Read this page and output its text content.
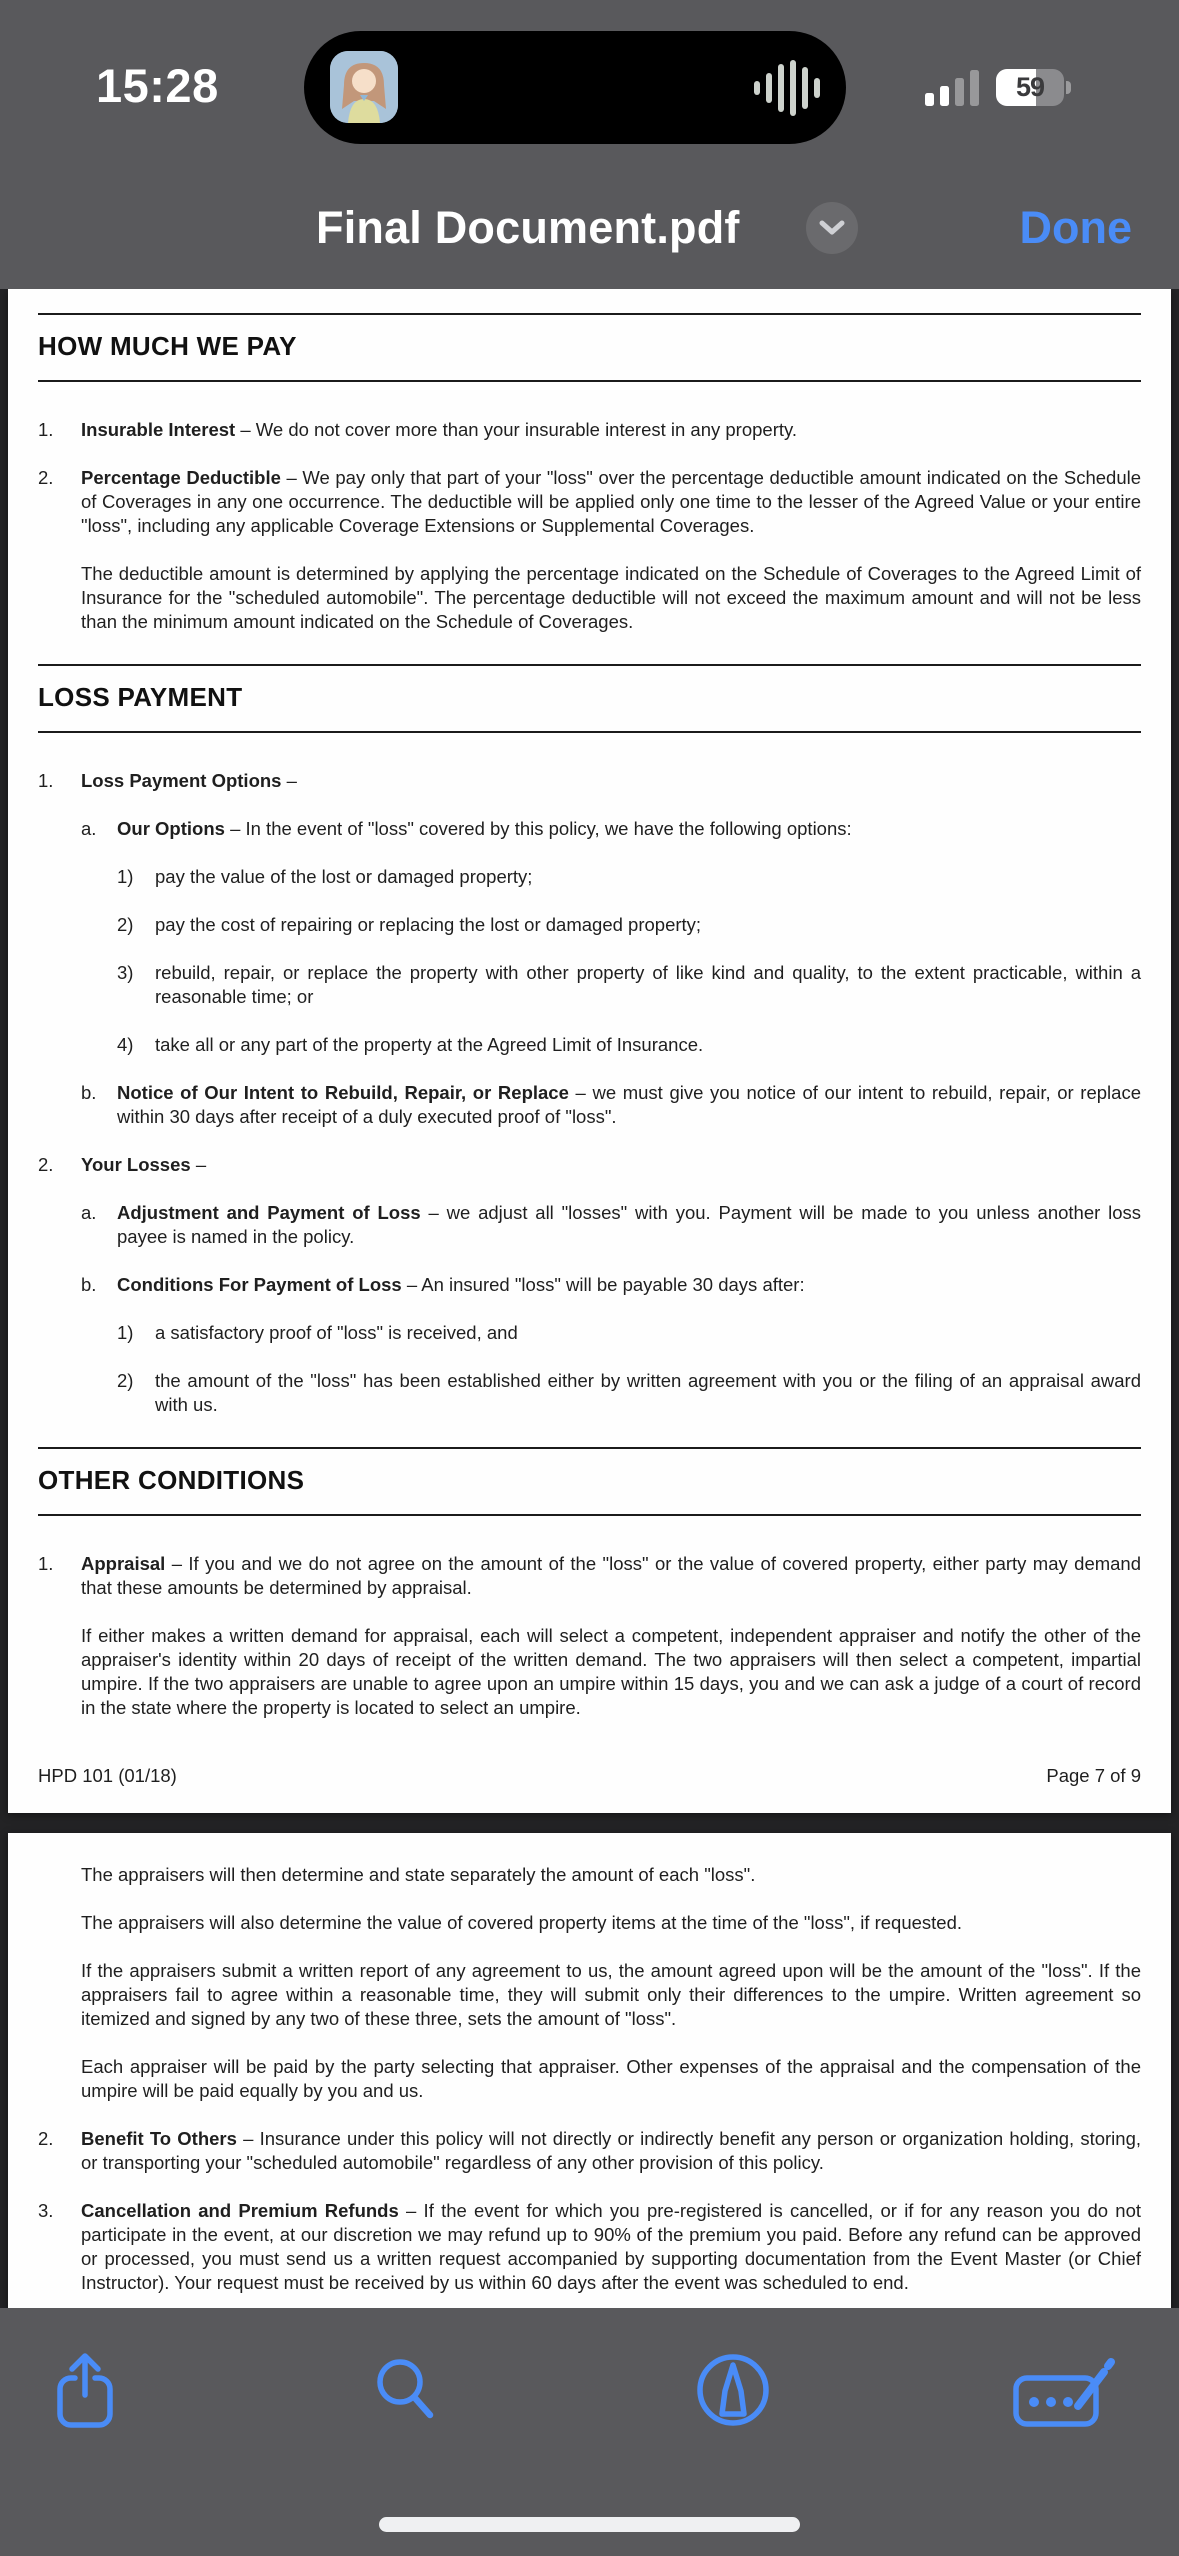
HOW MUCH WE PAY
1.	Insurable Interest – We do not cover more than your insurable interest in any property.
2.	Percentage Deductible – We pay only that part of your "loss" over the percentage deductible amount indicated on the Schedule of Coverages in any one occurrence. The deductible will be applied only one time to the lesser of the Agreed Value or your entire "loss", including any applicable Coverage Extensions or Supplemental Coverages.
The deductible amount is determined by applying the percentage indicated on the Schedule of Coverages to the Agreed Limit of Insurance for the "scheduled automobile". The percentage deductible will not exceed the maximum amount and will not be less than the minimum amount indicated on the Schedule of Coverages.
LOSS PAYMENT
1.	Loss Payment Options –
a.	Our Options – In the event of "loss" covered by this policy, we have the following options:
1)	pay the value of the lost or damaged property;
2)	pay the cost of repairing or replacing the lost or damaged property;
3)	rebuild, repair, or replace the property with other property of like kind and quality, to the extent practicable, within a reasonable time; or
4)	take all or any part of the property at the Agreed Limit of Insurance.
b.	Notice of Our Intent to Rebuild, Repair, or Replace – we must give you notice of our intent to rebuild, repair, or replace within 30 days after receipt of a duly executed proof of "loss".
2.	Your Losses –
a.	Adjustment and Payment of Loss – we adjust all "losses" with you. Payment will be made to you unless another loss payee is named in the policy.
b.	Conditions For Payment of Loss – An insured "loss" will be payable 30 days after:
1)	a satisfactory proof of "loss" is received, and
2)	the amount of the "loss" has been established either by written agreement with you or the filing of an appraisal award with us.
OTHER CONDITIONS
1.	Appraisal – If you and we do not agree on the amount of the "loss" or the value of covered property, either party may demand that these amounts be determined by appraisal.
If either makes a written demand for appraisal, each will select a competent, independent appraiser and notify the other of the appraiser's identity within 20 days of receipt of the written demand. The two appraisers will then select a competent, impartial umpire. If the two appraisers are unable to agree upon an umpire within 15 days, you and we can ask a judge of a court of record in the state where the property is located to select an umpire.
HPD 101 (01/18)	Page 7 of 9
The appraisers will then determine and state separately the amount of each "loss".
The appraisers will also determine the value of covered property items at the time of the "loss", if requested.
If the appraisers submit a written report of any agreement to us, the amount agreed upon will be the amount of the "loss". If the appraisers fail to agree within a reasonable time, they will submit only their differences to the umpire. Written agreement so itemized and signed by any two of these three, sets the amount of "loss".
Each appraiser will be paid by the party selecting that appraiser. Other expenses of the appraisal and the compensation of the umpire will be paid equally by you and us.
2.	Benefit To Others – Insurance under this policy will not directly or indirectly benefit any person or organization holding, storing, or transporting your "scheduled automobile" regardless of any other provision of this policy.
3.	Cancellation and Premium Refunds – If the event for which you pre-registered is cancelled, or if for any reason you do not participate in the event, at our discretion we may refund up to 90% of the premium you paid. Before any refund can be approved or processed, you must send us a written request accompanied by supporting documentation from the Event Master (or Chief Instructor). Your request must be received by us within 60 days after the event was scheduled to end.
15:28	59
Final Document.pdf	Done
